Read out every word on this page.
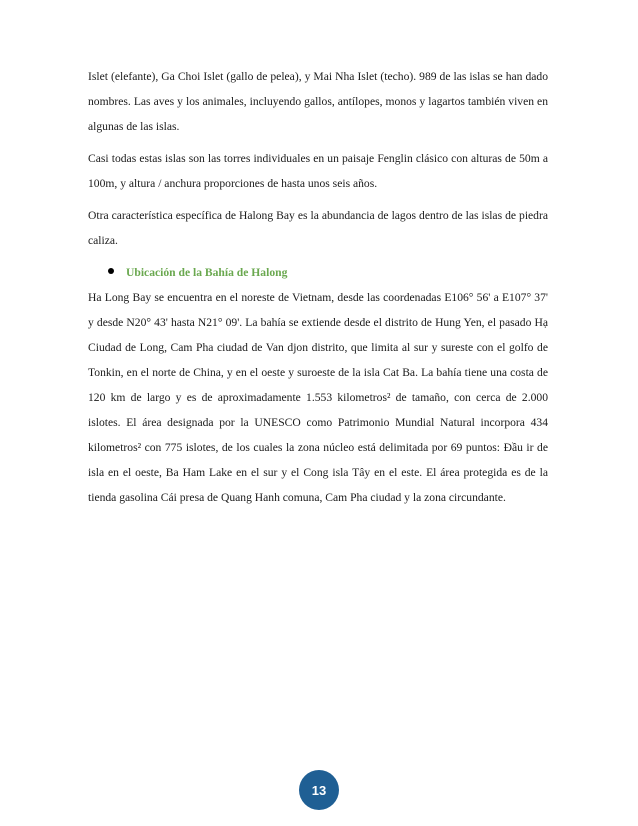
Islet (elefante), Ga Choi Islet (gallo de pelea), y Mai Nha Islet (techo). 989 de las islas se han dado nombres. Las aves y los animales, incluyendo gallos, antílopes, monos y lagartos también viven en algunas de las islas.

Casi todas estas islas son las torres individuales en un paisaje Fenglin clásico con alturas de 50m a 100m, y altura / anchura proporciones de hasta unos seis años.

Otra característica específica de Halong Bay es la abundancia de lagos dentro de las islas de piedra caliza.

Ubicación de la Bahía de Halong

Ha Long Bay se encuentra en el noreste de Vietnam, desde las coordenadas E106° 56' a E107° 37' y desde N20° 43' hasta N21° 09'. La bahía se extiende desde el distrito de Hung Yen, el pasado Hạ Ciudad de Long, Cam Pha ciudad de Van djon distrito, que limita al sur y sureste con el golfo de Tonkin, en el norte de China, y en el oeste y suroeste de la isla Cat Ba. La bahía tiene una costa de 120 km de largo y es de aproximadamente 1.553 kilometros² de tamaño, con cerca de 2.000 islotes. El área designada por la UNESCO como Patrimonio Mundial Natural incorpora 434 kilometros² con 775 islotes, de los cuales la zona núcleo está delimitada por 69 puntos: Đầu ir de isla en el oeste, Ba Ham Lake en el sur y el Cong isla Tây en el este. El área protegida es de la tienda gasolina Cái presa de Quang Hanh comuna, Cam Pha ciudad y la zona circundante.

13
